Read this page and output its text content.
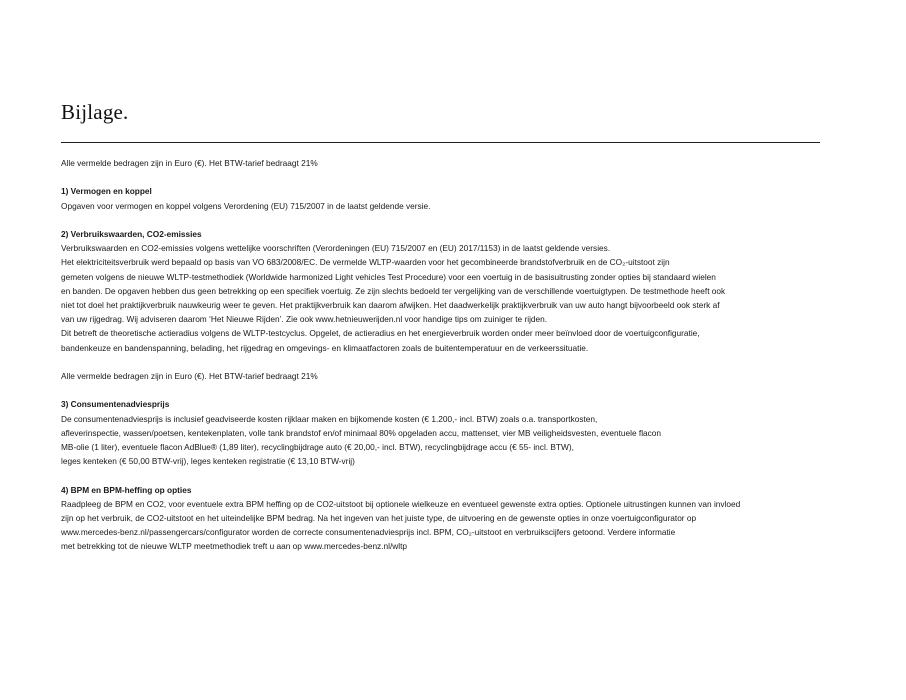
Bijlage.
Alle vermelde bedragen zijn in Euro (€). Het BTW-tarief bedraagt 21%
1) Vermogen en koppel
Opgaven voor vermogen en koppel volgens Verordening (EU) 715/2007 in de laatst geldende versie.
2) Verbruikswaarden, CO2-emissies
Verbruikswaarden en CO2-emissies volgens wettelijke voorschriften (Verordeningen (EU) 715/2007 en (EU) 2017/1153) in de laatst geldende versies.
Het elektriciteitsverbruik werd bepaald op basis van VO 683/2008/EC. De vermelde WLTP-waarden voor het gecombineerde brandstofverbruik en de CO₂-uitstoot zijn
gemeten volgens de nieuwe WLTP-testmethodiek (Worldwide harmonized Light vehicles Test Procedure) voor een voertuig in de basisuitrusting zonder opties bij standaard wielen
en banden. De opgaven hebben dus geen betrekking op een specifiek voertuig. Ze zijn slechts bedoeld ter vergelijking van de verschillende voertuigtypen. De testmethode heeft ook
niet tot doel het praktijkverbruik nauwkeurig weer te geven. Het praktijkverbruik kan daarom afwijken. Het daadwerkelijk praktijkverbruik van uw auto hangt bijvoorbeeld ook sterk af
van uw rijgedrag. Wij adviseren daarom ‘Het Nieuwe Rijden’. Zie ook www.hetnieuwerijden.nl voor handige tips om zuiniger te rijden.
Dit betreft de theoretische actieradius volgens de WLTP-testcyclus. Opgelet, de actieradius en het energieverbruik worden onder meer beïnvloed door de voertuigconfiguratie,
bandenkeuze en bandenspanning, belading, het rijgedrag en omgevings- en klimaatfactoren zoals de buitentemperatuur en de verkeerssituatie.
Alle vermelde bedragen zijn in Euro (€). Het BTW-tarief bedraagt 21%
3) Consumentenadviesprijs
De consumentenadviesprijs is inclusief geadviseerde kosten rijklaar maken en bijkomende kosten (€ 1.200,- incl. BTW) zoals o.a. transportkosten,
afleverinspectie, wassen/poetsen, kentekenplaten, volle tank brandstof en/of minimaal 80% opgeladen accu, mattenset, vier MB veiligheidsvesten, eventuele flacon
MB-olie (1 liter), eventuele flacon AdBlue® (1,89 liter), recyclingbijdrage auto (€ 20,00,- incl. BTW), recyclingbijdrage accu (€ 55- incl. BTW),
leges kenteken (€ 50,00 BTW-vrij), leges kenteken registratie (€ 13,10 BTW-vrij)
4) BPM en BPM-heffing op opties
Raadpleeg de BPM en CO2, voor eventuele extra BPM heffing op de CO2-uitstoot bij optionele wielkeuze en eventueel gewenste extra opties. Optionele uitrustingen kunnen van invloed
zijn op het verbruik, de CO2-uitstoot en het uiteindelijke BPM bedrag. Na het ingeven van het juiste type, de uitvoering en de gewenste opties in onze voertuigconfigurator op
www.mercedes-benz.nl/passengercars/configurator worden de correcte consumentenadviesprijs incl. BPM, CO₂-uitstoot en verbruikscijfers getoond. Verdere informatie
met betrekking tot de nieuwe WLTP meetmethodiek treft u aan op www.mercedes-benz.nl/wltp
